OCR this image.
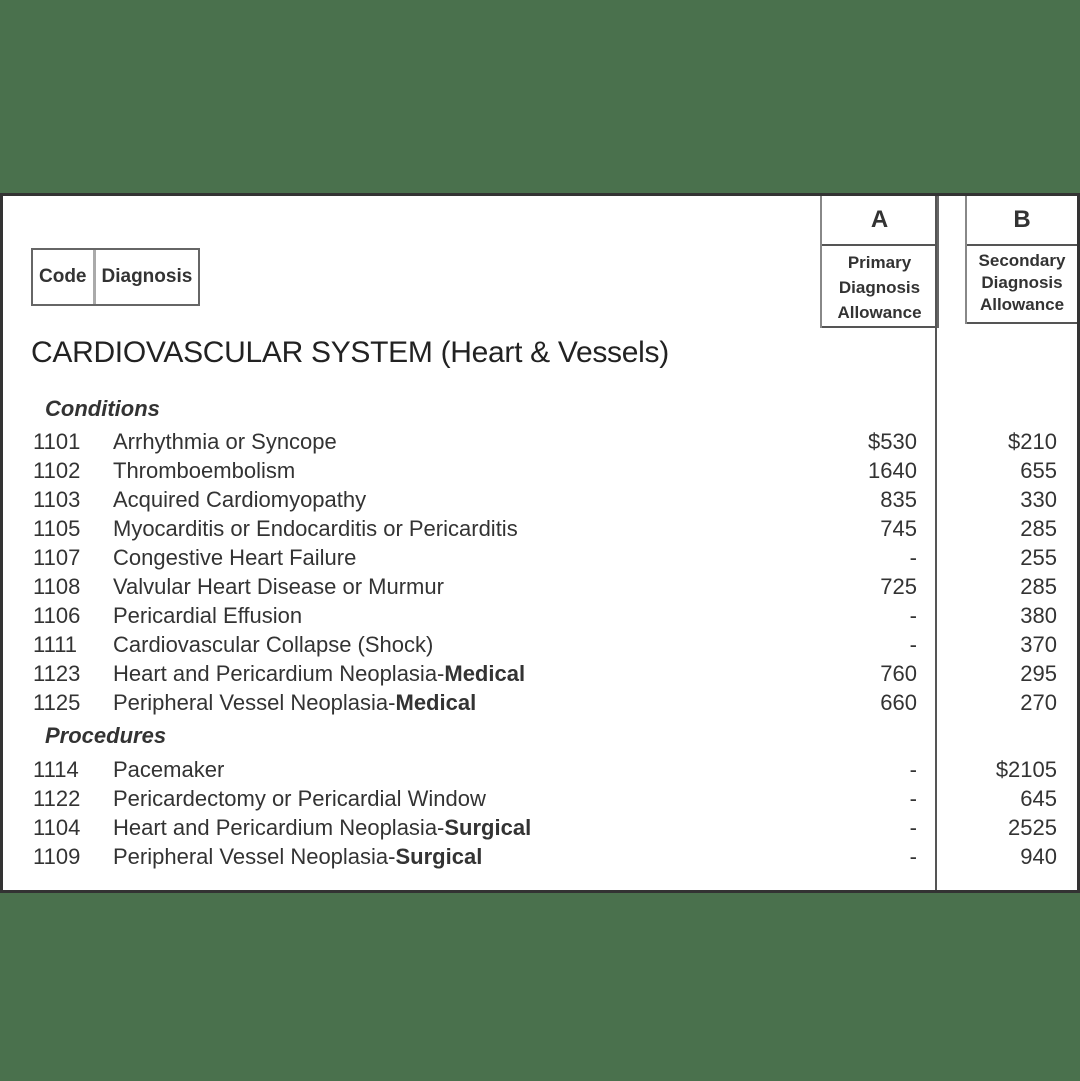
Code Diagnosis
A
Primary
Diagnosis
Allowance
B
Secondary
Diagnosis
Allowance
CARDIOVASCULAR SYSTEM (Heart & Vessels)
Conditions
1101 Arrhythmia or Syncope	$530	$210
1102 Thromboembolism	1640	655
1103 Acquired Cardiomyopathy	835	330
1105 Myocarditis or Endocarditis or Pericarditis	745	285
1107 Congestive Heart Failure	-	255
1108 Valvular Heart Disease or Murmur	725	285
1106 Pericardial Effusion	-	380
1111 Cardiovascular Collapse (Shock)	-	370
1123 Heart and Pericardium Neoplasia-Medical	760	295
1125 Peripheral Vessel Neoplasia-Medical	660	270
Procedures
1114 Pacemaker	-	$2105
1122 Pericardectomy or Pericardial Window	-	645
1104 Heart and Pericardium Neoplasia-Surgical	-	2525
1109 Peripheral Vessel Neoplasia-Surgical	-	940
